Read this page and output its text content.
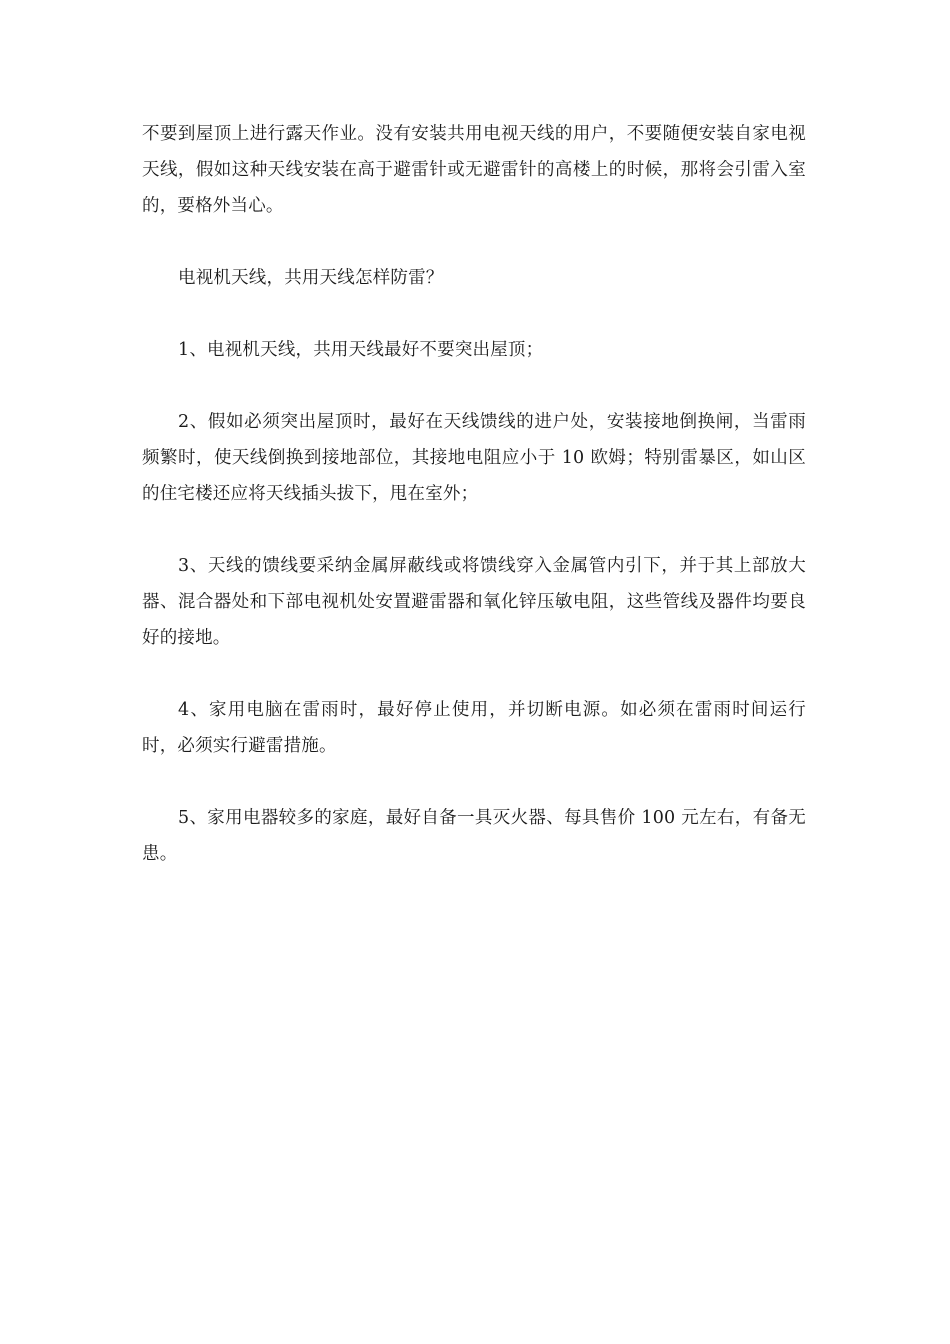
不要到屋顶上进行露天作业。没有安装共用电视天线的用户，不要随便安装自家电视天线，假如这种天线安装在高于避雷针或无避雷针的高楼上的时候，那将会引雷入室的，要格外当心。

电视机天线，共用天线怎样防雷？

1、电视机天线，共用天线最好不要突出屋顶；

2、假如必须突出屋顶时，最好在天线馈线的进户处，安装接地倒换闸，当雷雨频繁时，使天线倒换到接地部位，其接地电阻应小于 10 欧姆；特别雷暴区，如山区的住宅楼还应将天线插头拔下，甩在室外；

3、天线的馈线要采纳金属屏蔽线或将馈线穿入金属管内引下，并于其上部放大器、混合器处和下部电视机处安置避雷器和氧化锌压敏电阻，这些管线及器件均要良好的接地。

4、家用电脑在雷雨时，最好停止使用，并切断电源。如必须在雷雨时间运行时，必须实行避雷措施。

5、家用电器较多的家庭，最好自备一具灭火器、每具售价 100 元左右，有备无患。
